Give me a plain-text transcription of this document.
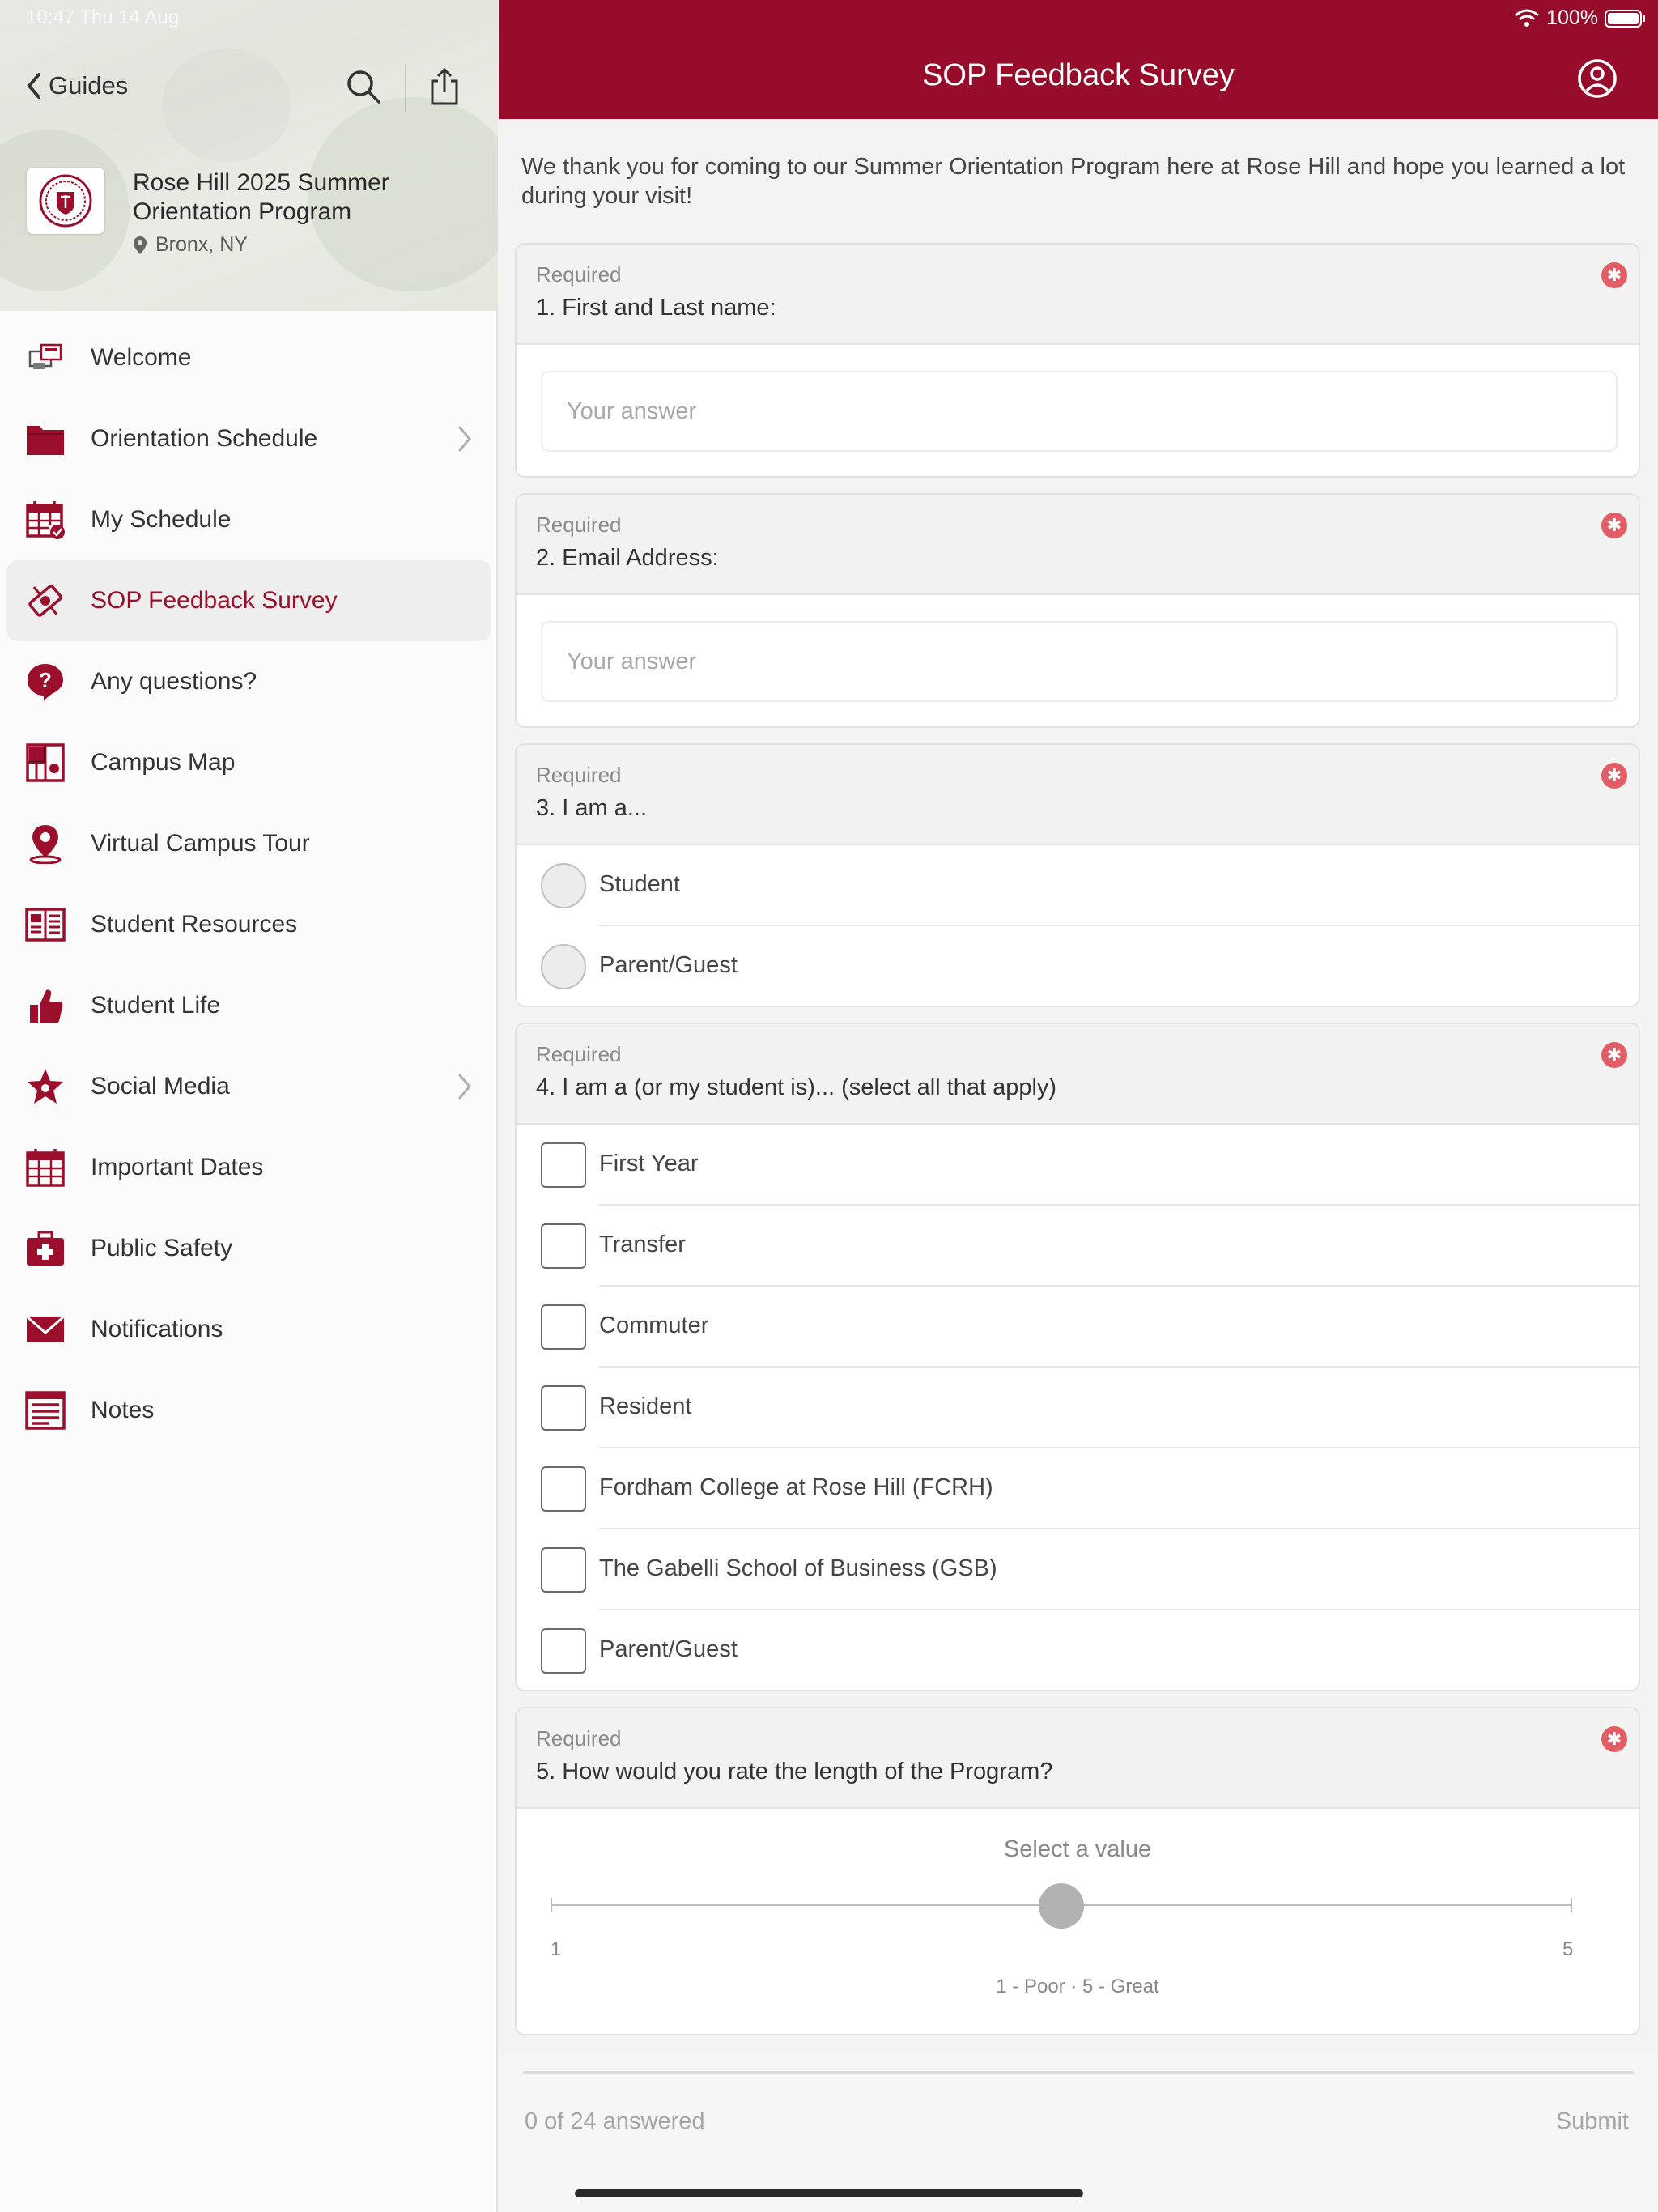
10:47 Thu 14 Aug
Guides
Rose Hill 2025 Summer Orientation Program
Bronx, NY
Welcome
Orientation Schedule
My Schedule
SOP Feedback Survey
? Any questions?
Campus Map
Virtual Campus Tour
Student Resources
Student Life
Social Media
Important Dates
Public Safety
Notifications
Notes
100%
SOP Feedback Survey
We thank you for coming to our Summer Orientation Program here at Rose Hill and hope you learned a lot during your visit!
Required
1. First and Last name:
✱
Your answer
Required
2. Email Address:
✱
Your answer
Required
3. I am a...
✱
Student
Parent/Guest
Required
4. I am a (or my student is)... (select all that apply)
✱
First Year
Transfer
Commuter
Resident
Fordham College at Rose Hill (FCRH)
The Gabelli School of Business (GSB)
Parent/Guest
Required
5. How would you rate the length of the Program?
✱
Select a value
1	5
1 - Poor · 5 - Great
0 of 24 answered	Submit
